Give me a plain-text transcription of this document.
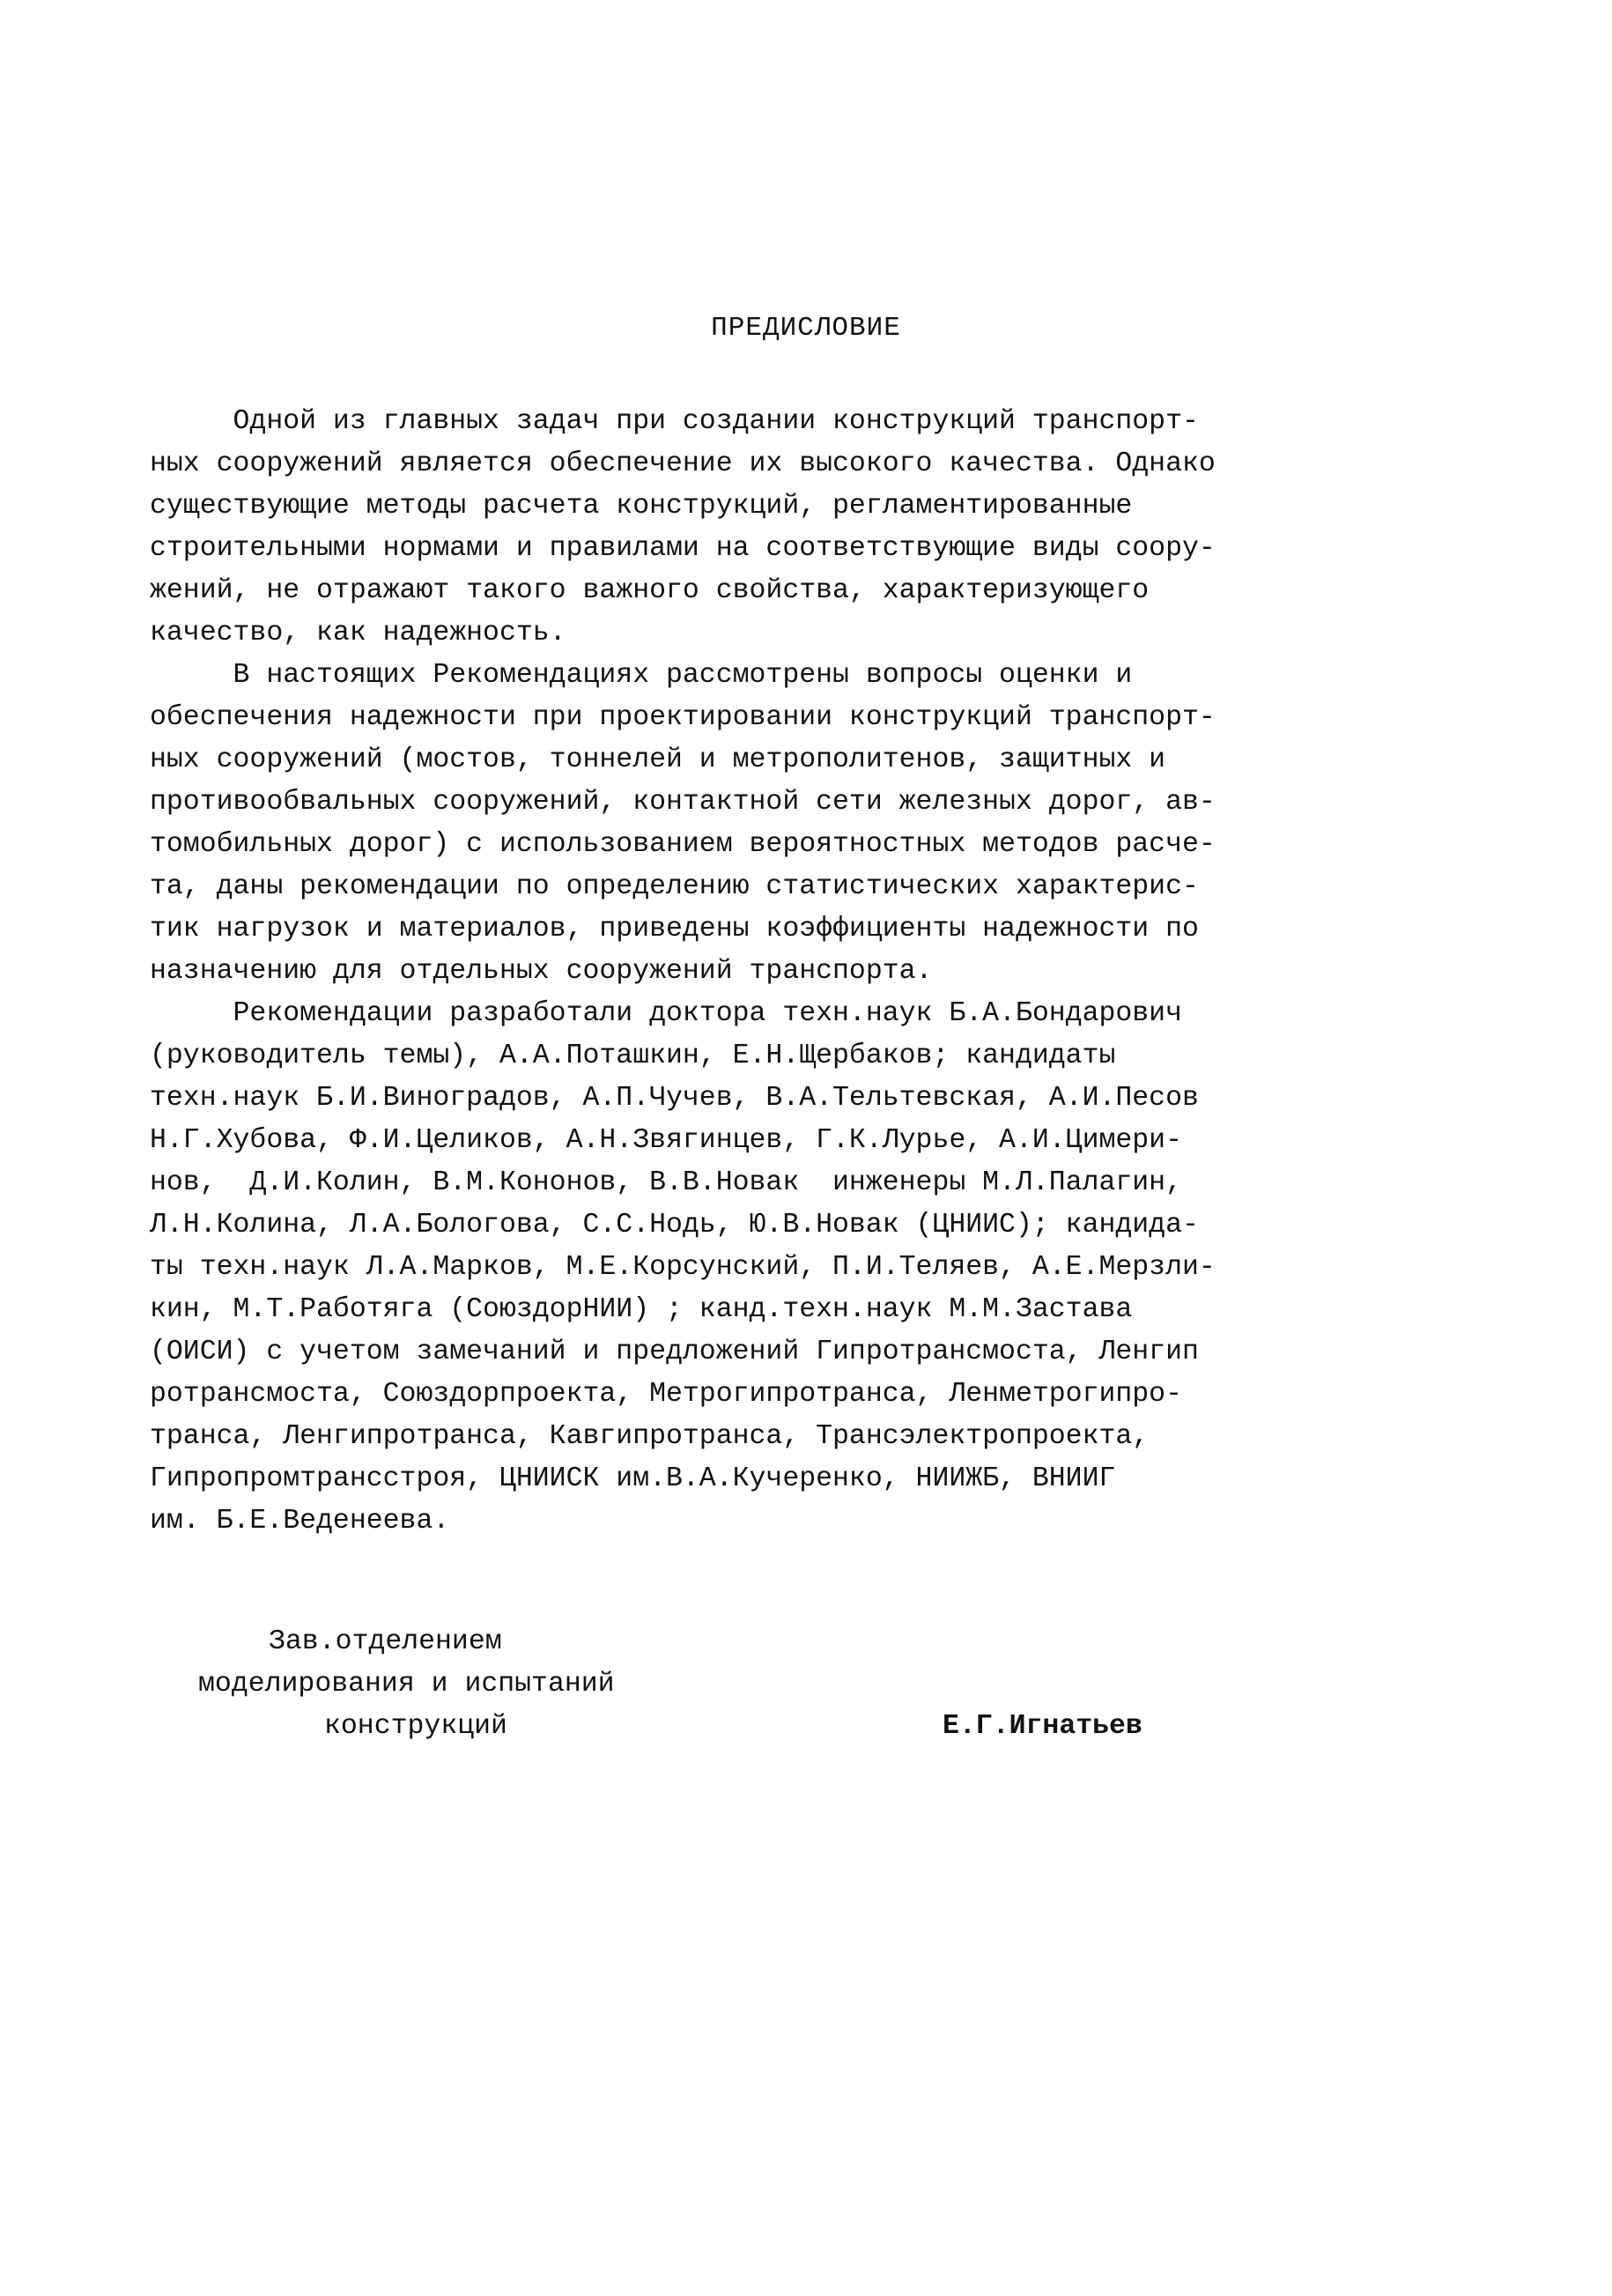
ПРЕДИСЛОВИЕ
Одной из главных задач при создании конструкций транспорт-
ных сооружений является обеспечение их высокого качества. Однако
существующие методы расчета конструкций, регламентированные
строительными нормами и правилами на соответствующие виды соору-
жений, не отражают такого важного свойства, характеризующего
качество, как надежность.
В настоящих Рекомендациях рассмотрены вопросы оценки и
обеспечения надежности при проектировании конструкций транспорт-
ных сооружений (мостов, тоннелей и метрополитенов, защитных и
противообвальных сооружений, контактной сети железных дорог, ав-
томобильных дорог) с использованием вероятностных методов расче-
та, даны рекомендации по определению статистических характерис-
тик нагрузок и материалов, приведены коэффициенты надежности по
назначению для отдельных сооружений транспорта.
Рекомендации разработали доктора техн.наук Б.А.Бондарович
(руководитель темы), А.А.Поташкин, Е.Н.Щербаков; кандидаты
техн.наук Б.И.Виноградов, А.П.Чучев, В.А.Тельтевская, А.И.Песов
Н.Г.Хубова, Ф.И.Целиков, А.Н.Звягинцев, Г.К.Лурье, А.И.Цимери-
нов,  Д.И.Колин, В.М.Кононов, В.В.Новак  инженеры М.Л.Палагин,
Л.Н.Колина, Л.А.Бологова, С.С.Нодь, Ю.В.Новак (ЦНИИС); кандида-
ты техн.наук Л.А.Марков, М.Е.Корсунский, П.И.Теляев, А.Е.Мерзли-
кин, М.Т.Работяга (СоюздорНИИ) ; канд.техн.наук М.М.Застава
(ОИСИ) с учетом замечаний и предложений Гипротрансмоста, Ленгип
ротрансмоста, Союздорпроекта, Метрогипротранса, Ленметрогипро-
транса, Ленгипротранса, Кавгипротранса, Трансэлектропроекта,
Гипропромтрансстроя, ЦНИИСК им.В.А.Кучеренко, НИИЖБ, ВНИИГ
им. Б.Е.Веденеева.
Зав.отделением
моделирования и испытаний
конструкций	Е.Г.Игнатьев
